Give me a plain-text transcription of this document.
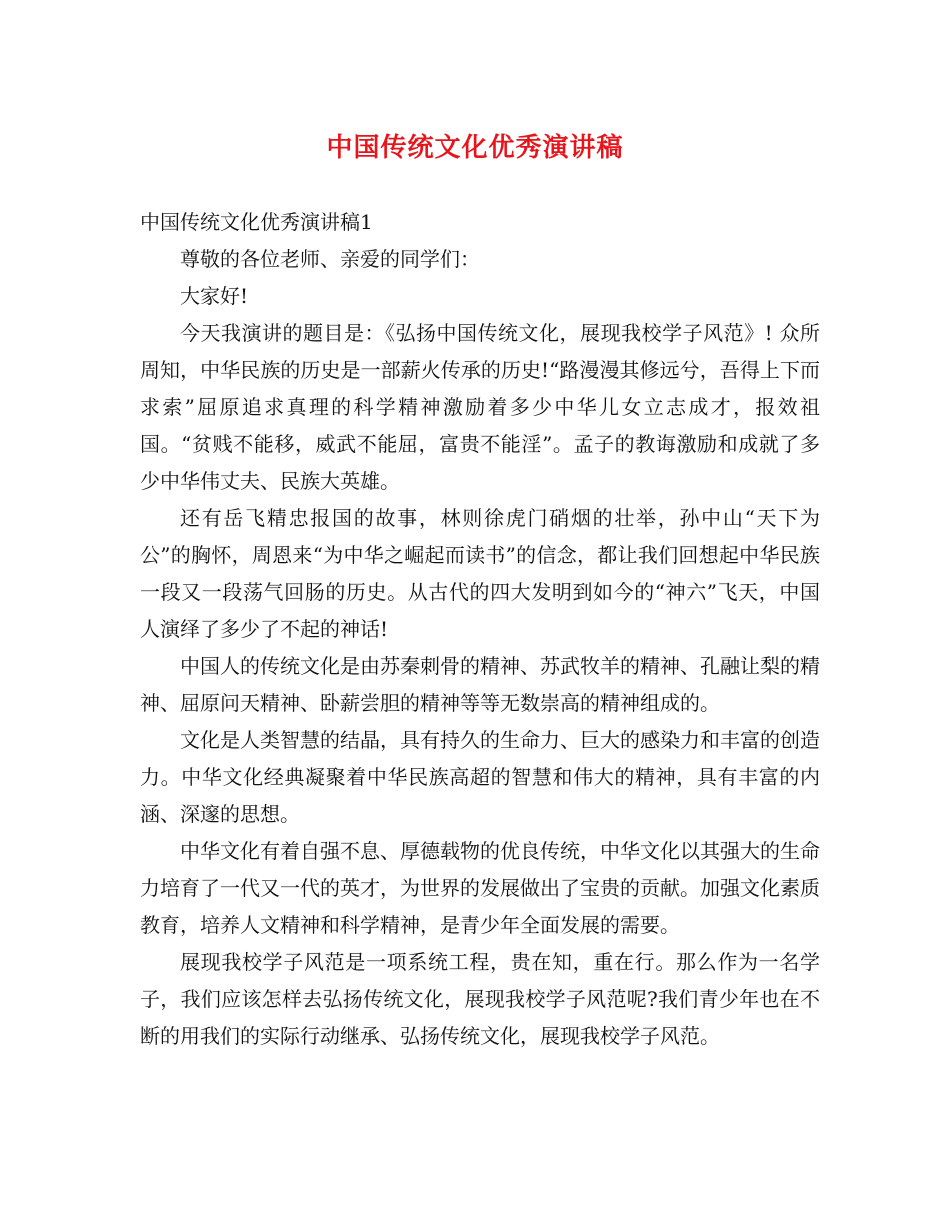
中国传统文化优秀演讲稿

中国传统文化优秀演讲稿1

尊敬的各位老师、亲爱的同学们：

大家好!

今天我演讲的题目是：《弘扬中国传统文化，展现我校学子风范》! 众所周知，中华民族的历史是一部薪火传承的历史!“路漫漫其修远兮，吾得上下而求索”屈原追求真理的科学精神激励着多少中华儿女立志成才，报效祖国。“贫贱不能移，威武不能屈，富贵不能淫”。孟子的教诲激励和成就了多少中华伟丈夫、民族大英雄。

还有岳飞精忠报国的故事，林则徐虎门硝烟的壮举，孙中山“天下为公”的胸怀，周恩来“为中华之崛起而读书”的信念，都让我们回想起中华民族一段又一段荡气回肠的历史。从古代的四大发明到如今的“神六”飞天，中国人演绎了多少了不起的神话!

中国人的传统文化是由苏秦刺骨的精神、苏武牧羊的精神、孔融让梨的精神、屈原问天精神、卧薪尝胆的精神等等无数崇高的精神组成的。

文化是人类智慧的结晶，具有持久的生命力、巨大的感染力和丰富的创造力。中华文化经典凝聚着中华民族高超的智慧和伟大的精神，具有丰富的内涵、深邃的思想。

中华文化有着自强不息、厚德载物的优良传统，中华文化以其强大的生命力培育了一代又一代的英才，为世界的发展做出了宝贵的贡献。加强文化素质教育，培养人文精神和科学精神，是青少年全面发展的需要。

展现我校学子风范是一项系统工程，贵在知，重在行。那么作为一名学子，我们应该怎样去弘扬传统文化，展现我校学子风范呢?我们青少年也在不断的用我们的实际行动继承、弘扬传统文化，展现我校学子风范。
